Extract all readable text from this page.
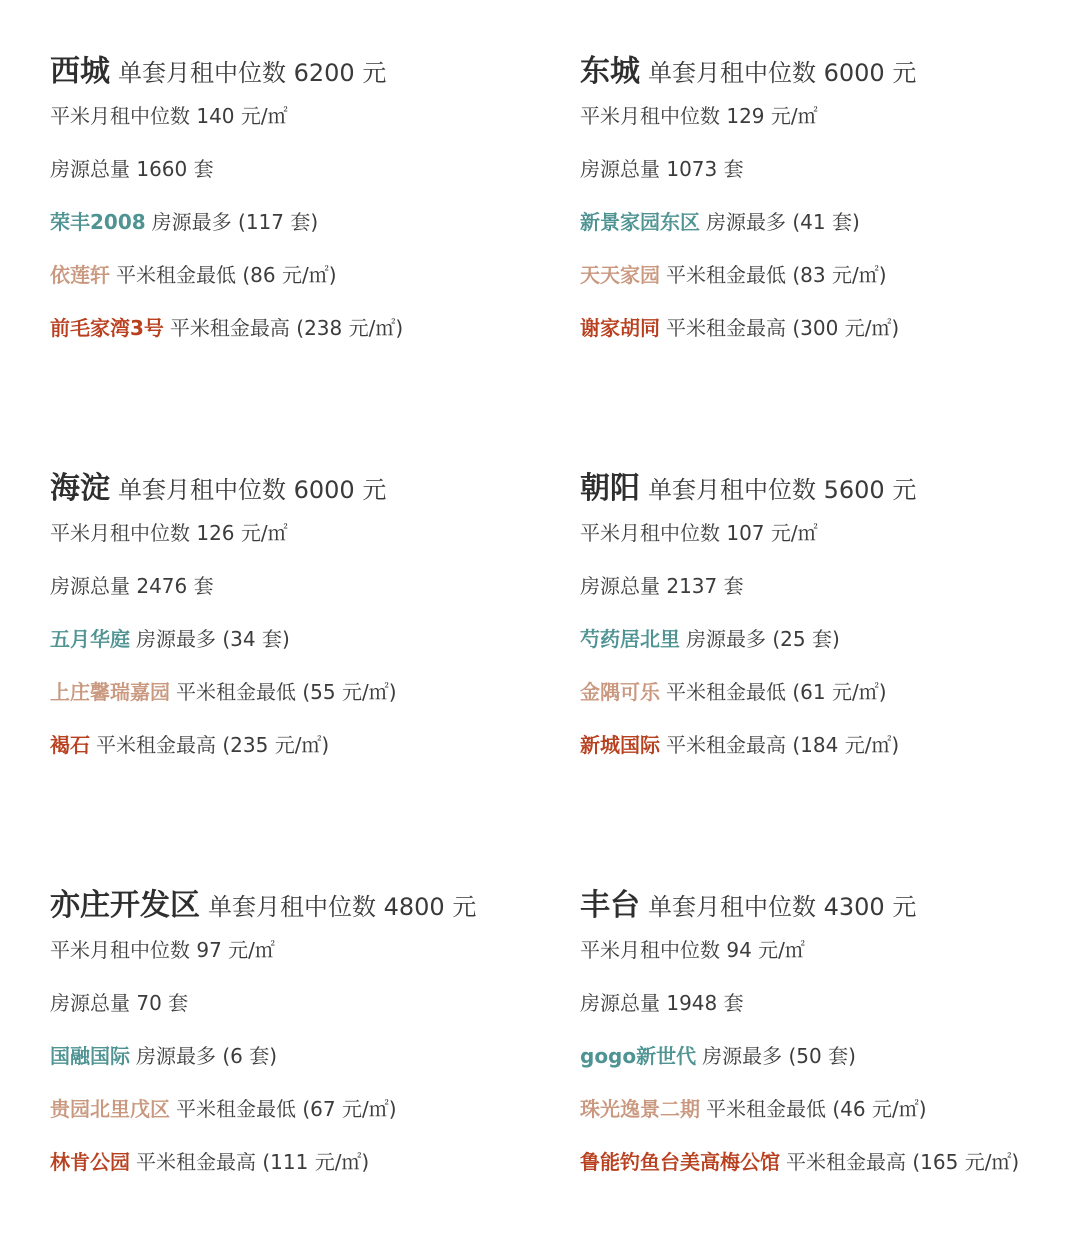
西城 单套月租中位数 6200 元
平米月租中位数 140 元/㎡
房源总量 1660 套
荣丰2008 房源最多 (117 套)
依莲轩 平米租金最低 (86 元/㎡)
前毛家湾3号 平米租金最高 (238 元/㎡)
东城 单套月租中位数 6000 元
平米月租中位数 129 元/㎡
房源总量 1073 套
新景家园东区 房源最多 (41 套)
天天家园 平米租金最低 (83 元/㎡)
谢家胡同 平米租金最高 (300 元/㎡)
海淀 单套月租中位数 6000 元
平米月租中位数 126 元/㎡
房源总量 2476 套
五月华庭 房源最多 (34 套)
上庄馨瑞嘉园 平米租金最低 (55 元/㎡)
褐石 平米租金最高 (235 元/㎡)
朝阳 单套月租中位数 5600 元
平米月租中位数 107 元/㎡
房源总量 2137 套
芍药居北里 房源最多 (25 套)
金隅可乐 平米租金最低 (61 元/㎡)
新城国际 平米租金最高 (184 元/㎡)
亦庄开发区 单套月租中位数 4800 元
平米月租中位数 97 元/㎡
房源总量 70 套
国融国际 房源最多 (6 套)
贵园北里戊区 平米租金最低 (67 元/㎡)
林肯公园 平米租金最高 (111 元/㎡)
丰台 单套月租中位数 4300 元
平米月租中位数 94 元/㎡
房源总量 1948 套
gogo新世代 房源最多 (50 套)
珠光逸景二期 平米租金最低 (46 元/㎡)
鲁能钓鱼台美高梅公馆 平米租金最高 (165 元/㎡)
